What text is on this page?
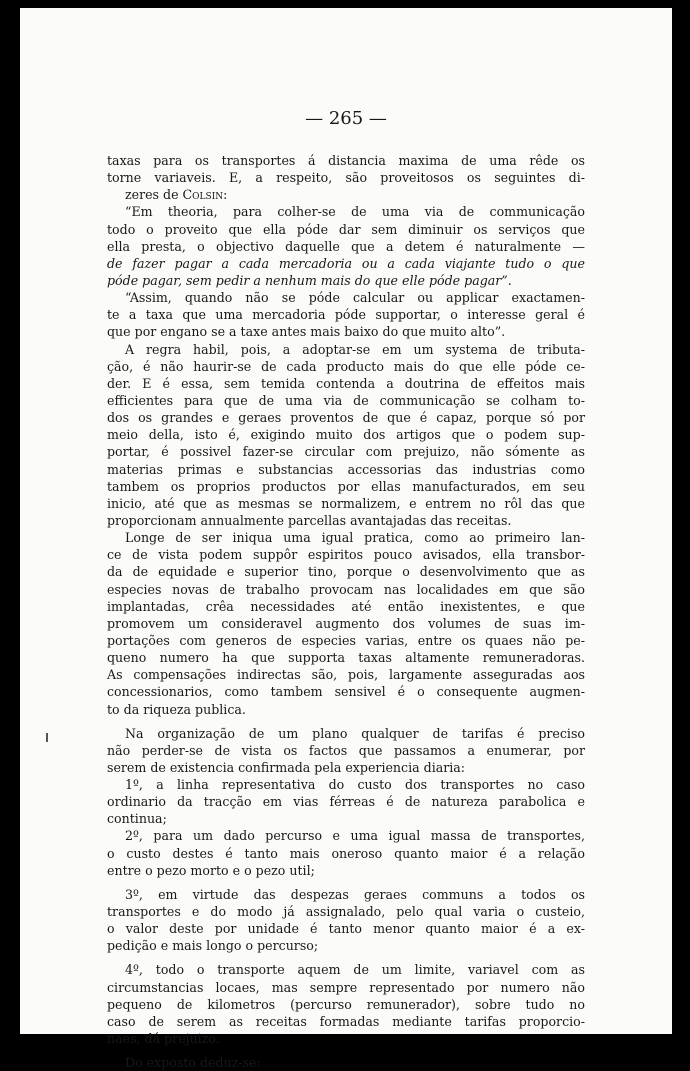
— 265 —
taxas para os transportes á distancia maxima de uma rêde os
torne variaveis. E, a respeito, são proveitosos os seguintes di-
zeres de Colsin:
“Em theoria, para colher-se de uma via de communicação
todo o proveito que ella póde dar sem diminuir os serviços que
ella presta, o objectivo daquelle que a detem é naturalmente —
de fazer pagar a cada mercadoria ou a cada viajante tudo o que
póde pagar, sem pedir a nenhum mais do que elle póde pagar”.
“Assim, quando não se póde calcular ou applicar exactamen-
te a taxa que uma mercadoria póde supportar, o interesse geral é
que por engano se a taxe antes mais baixo do que muito alto”.
A regra habil, pois, a adoptar-se em um systema de tributa-
ção, é não haurir-se de cada producto mais do que elle póde ce-
der. E é essa, sem temida contenda a doutrina de effeitos mais
efficientes para que de uma via de communicação se colham to-
dos os grandes e geraes proventos de que é capaz, porque só por
meio della, isto é, exigindo muito dos artigos que o podem sup-
portar, é possivel fazer-se circular com prejuizo, não sómente as
materias primas e substancias accessorias das industrias como
tambem os proprios productos por ellas manufacturados, em seu
inicio, até que as mesmas se normalizem, e entrem no rôl das que
proporcionam annualmente parcellas avantajadas das receitas.
Longe de ser iniqua uma igual pratica, como ao primeiro lan-
ce de vista podem suppôr espiritos pouco avisados, ella transbor-
da de equidade e superior tino, porque o desenvolvimento que as
especies novas de trabalho provocam nas localidades em que são
implantadas, crêa necessidades até então inexistentes, e que
promovem um consideravel augmento dos volumes de suas im-
portações com generos de especies varias, entre os quaes não pe-
queno numero ha que supporta taxas altamente remuneradoras.
As compensações indirectas são, pois, largamente asseguradas aos
concessionarios, como tambem sensivel é o consequente augmen-
to da riqueza publica.
Na organização de um plano qualquer de tarifas é preciso
não perder-se de vista os factos que passamos a enumerar, por
serem de existencia confirmada pela experiencia diaria:
1º, a linha representativa do custo dos transportes no caso
ordinario da tracção em vias férreas é de natureza parabolica e
continua;
2º, para um dado percurso e uma igual massa de transportes,
o custo destes é tanto mais oneroso quanto maior é a relação
entre o pezo morto e o pezo util;
3º, em virtude das despezas geraes communs a todos os
transportes e do modo já assignalado, pelo qual varia o custeio,
o valor deste por unidade é tanto menor quanto maior é a ex-
pedição e mais longo o percurso;
4º, todo o transporte aquem de um limite, variavel com as
circumstancias locaes, mas sempre representado por numero não
pequeno de kilometros (percurso remunerador), sobre tudo no
caso de serem as receitas formadas mediante tarifas proporcio-
naes, dá prejuizo.
Do exposto deduz-se:
